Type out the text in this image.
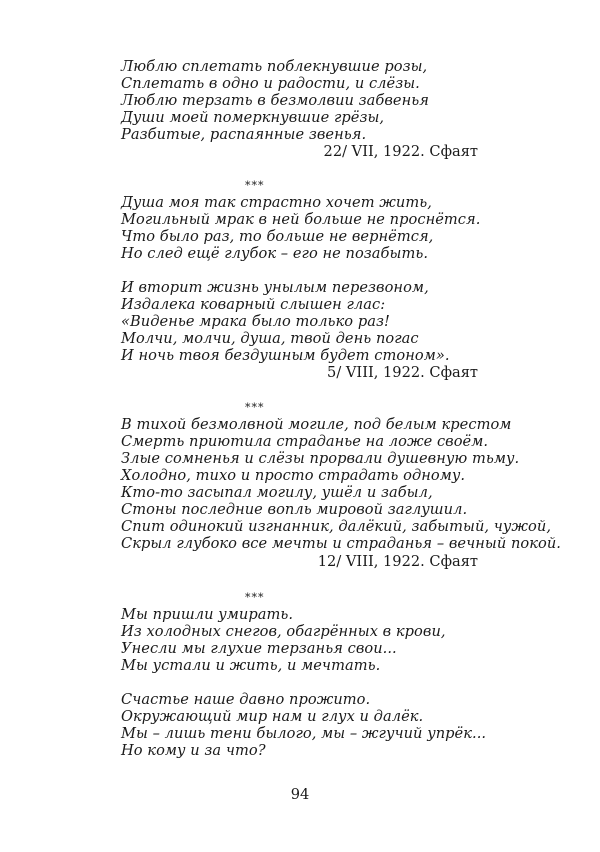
Люблю сплетать поблекнувшие розы,
Сплетать в одно и радости, и слёзы.
Люблю терзать в безмолвии забвенья
Души моей померкнувшие грёзы,
Разбитые, распаянные звенья.
22/ VII, 1922. Сфаят
***
Душа моя так страстно хочет жить,
Могильный мрак в ней больше не проснётся.
Что было раз, то больше не вернётся,
Но след ещё глубок – его не позабыть.
И вторит жизнь унылым перезвоном,
Издалека коварный слышен глас:
«Виденье мрака было только раз!
Молчи, молчи, душа, твой день погас
И ночь твоя бездушным будет стоном».
5/ VIII, 1922. Сфаят
***
В тихой безмолвной могиле, под белым крестом
Смерть приютила страданье на ложе своём.
Злые сомненья и слёзы прорвали душевную тьму.
Холодно, тихо и просто страдать одному.
Кто-то засыпал могилу, ушёл и забыл,
Стоны последние вопль мировой заглушил.
Спит одинокий изгнанник, далёкий, забытый, чужой,
Скрыл глубоко все мечты и страданья – вечный покой.
12/ VIII, 1922. Сфаят
***
Мы пришли умирать.
Из холодных снегов, обагрённых в крови,
Унесли мы глухие терзанья свои...
Мы устали и жить, и мечтать.
Счастье наше давно прожито.
Окружающий мир нам и глух и далёк.
Мы – лишь тени былого, мы – жгучий упрёк...
Но кому и за что?
94
